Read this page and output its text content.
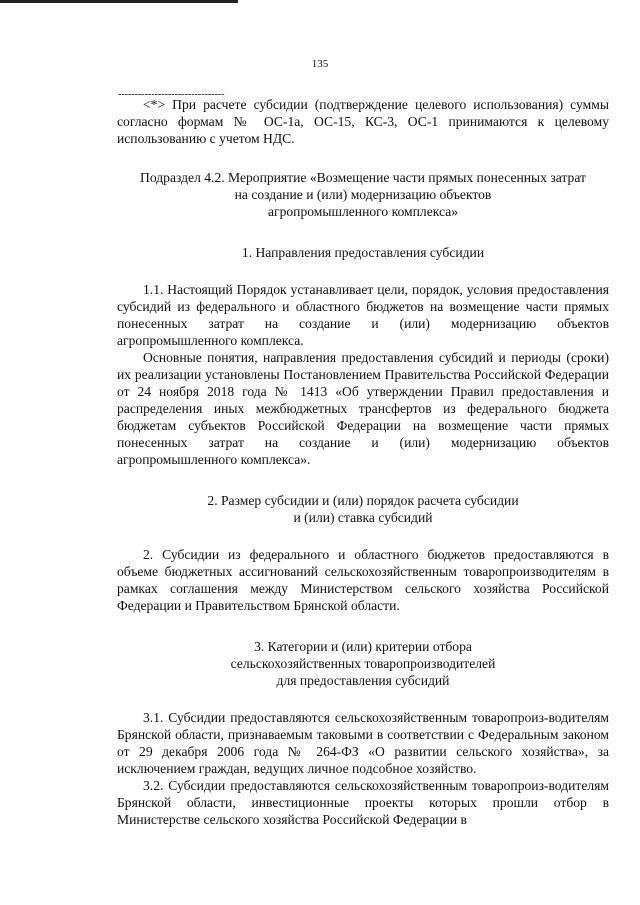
135
--------------------------------

<*> При расчете субсидии (подтверждение целевого использования) суммы согласно формам № ОС-1а, ОС-15, КС-3, ОС-1 принимаются к целевому использованию с учетом НДС.

Подраздел 4.2. Мероприятие «Возмещение части прямых понесенных затрат
на создание и (или) модернизацию объектов
агропромышленного комплекса»
1. Направления предоставления субсидии

1.1. Настоящий Порядок устанавливает цели, порядок, условия предоставления субсидий из федерального и областного бюджетов на возмещение части прямых понесенных затрат на создание и (или) модернизацию объектов агропромышленного комплекса.

Основные понятия, направления предоставления субсидий и периоды (сроки) их реализации установлены Постановлением Правительства Российской Федерации от 24 ноября 2018 года № 1413 «Об утверждении Правил предоставления и распределения иных межбюджетных трансфертов из федерального бюджета бюджетам субъектов Российской Федерации на возмещение части прямых понесенных затрат на создание и (или) модернизацию объектов агропромышленного комплекса».

2. Размер субсидии и (или) порядок расчета субсидии
и (или) ставка субсидий

2. Субсидии из федерального и областного бюджетов предоставляются в объеме бюджетных ассигнований сельскохозяйственным товаропроизводителям в рамках соглашения между Министерством сельского хозяйства Российской Федерации и Правительством Брянской области.

3. Категории и (или) критерии отбора
сельскохозяйственных товаропроизводителей
для предоставления субсидий

3.1. Субсидии предоставляются сельскохозяйственным товаропроиз-водителям Брянской области, признаваемым таковыми в соответствии с Федеральным законом от 29 декабря 2006 года № 264-ФЗ «О развитии сельского хозяйства», за исключением граждан, ведущих личное подсобное хозяйство.

3.2. Субсидии предоставляются сельскохозяйственным товаропроиз-водителям Брянской области, инвестиционные проекты которых прошли отбор в Министерстве сельского хозяйства Российской Федерации в
